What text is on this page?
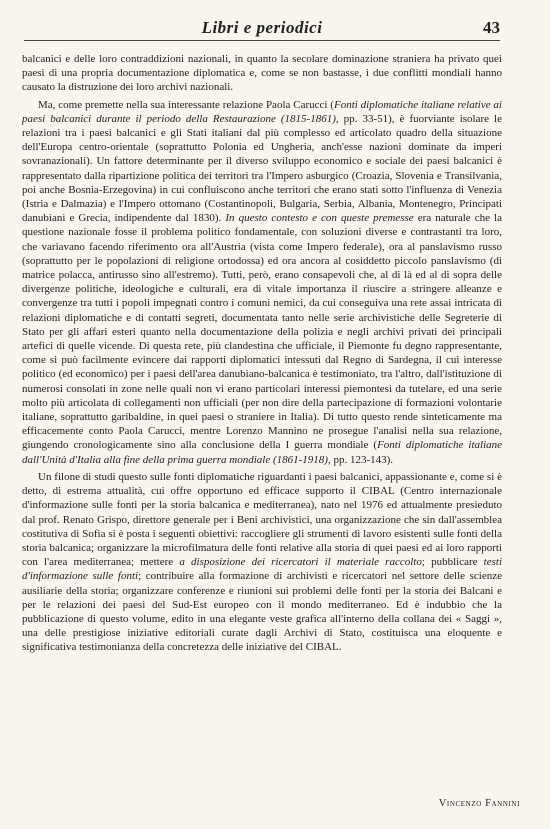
Libri e periodici	43

balcanici e delle loro contraddizioni nazionali, in quanto la secolare dominazione straniera ha privato quei paesi di una propria documentazione diplomatica e, come se non bastasse, i due conflitti mondiali hanno causato la distruzione dei loro archivi nazionali.

Ma, come premette nella sua interessante relazione Paola Carucci (Fonti diplomatiche italiane relative ai paesi balcanici durante il periodo della Restaurazione (1815-1861), pp. 33-51), è fuorviante isolare le relazioni tra i paesi balcanici e gli Stati italiani dal più complesso ed articolato quadro della situazione dell'Europa centro-orientale (soprattutto Polonia ed Ungheria, anch'esse nazioni dominate da imperi sovranazionali). Un fattore determinante per il diverso sviluppo economico e sociale dei paesi balcanici è rappresentato dalla ripartizione politica dei territori tra l'Impero asburgico (Croazia, Slovenia e Transilvania, poi anche Bosnia-Erzegovina) in cui confluiscono anche territori che erano stati sotto l'influenza di Venezia (Istria e Dalmazia) e l'Impero ottomano (Costantinopoli, Bulgaria, Serbia, Albania, Montenegro, Principati danubiani e Grecia, indipendente dal 1830). In questo contesto e con queste premesse era naturale che la questione nazionale fosse il problema politico fondamentale, con soluzioni diverse e contrastanti tra loro, che variavano facendo riferimento ora all'Austria (vista come Impero federale), ora al panslavismo russo (soprattutto per le popolazioni di religione ortodossa) ed ora ancora al cosiddetto piccolo panslavismo (di matrice polacca, antirusso sino all'estremo). Tutti, però, erano consapevoli che, al di là ed al di sopra delle divergenze politiche, ideologiche e culturali, era di vitale importanza il riuscire a stringere alleanze e convergenze tra tutti i popoli impegnati contro i comuni nemici, da cui conseguiva una rete assai intricata di relazioni diplomatiche e di contatti segreti, documentata tanto nelle serie archivistiche delle Segreterie di Stato per gli affari esteri quanto nella documentazione della polizia e negli archivi privati dei principali artefici di quelle vicende. Di questa rete, più clandestina che ufficiale, il Piemonte fu degno rappresentante, come si può facilmente evincere dai rapporti diplomatici intessuti dal Regno di Sardegna, il cui interesse politico (ed economico) per i paesi dell'area danubiano-balcanica è testimoniato, tra l'altro, dall'istituzione di numerosi consolati in zone nelle quali non vi erano particolari interessi piemontesi da tutelare, ed una serie molto più articolata di collegamenti non ufficiali (per non dire della partecipazione di formazioni volontarie italiane, soprattutto garibaldine, in quei paesi o straniere in Italia). Di tutto questo rende sinteticamente ma efficacemente conto Paola Carucci, mentre Lorenzo Mannino ne prosegue l'analisi nella sua relazione, giungendo cronologicamente sino alla conclusione della I guerra mondiale (Fonti diplomatiche italiane dall'Unità d'Italia alla fine della prima guerra mondiale (1861-1918), pp. 123-143).

Un filone di studi questo sulle fonti diplomatiche riguardanti i paesi balcanici, appassionante e, come si è detto, di estrema attualità, cui offre opportuno ed efficace supporto il CIBAL (Centro internazionale d'informazione sulle fonti per la storia balcanica e mediterranea), nato nel 1976 ed attualmente presieduto dal prof. Renato Grispo, direttore generale per i Beni archivistici, una organizzazione che sin dall'assemblea costitutiva di Sofia si è posta i seguenti obiettivi: raccogliere gli strumenti di lavoro esistenti sulle fonti della storia balcanica; organizzare la microfilmatura delle fonti relative alla storia di quei paesi ed ai loro rapporti con l'area mediterranea; mettere a disposizione dei ricercatori il materiale raccolto; pubblicare testi d'informazione sulle fonti; contribuire alla formazione di archivisti e ricercatori nel settore delle scienze ausiliarie della storia; organizzare conferenze e riunioni sui problemi delle fonti per la storia dei Balcani e per le relazioni dei paesi del Sud-Est europeo con il mondo mediterraneo. Ed è indubbio che la pubblicazione di questo volume, edito in una elegante veste grafica all'interno della collana dei « Saggi », una delle prestigiose iniziative editoriali curate dagli Archivi di Stato, costituisca una eloquente e significativa testimonianza della concretezza delle iniziative del CIBAL.

Vincenzo Fannini
